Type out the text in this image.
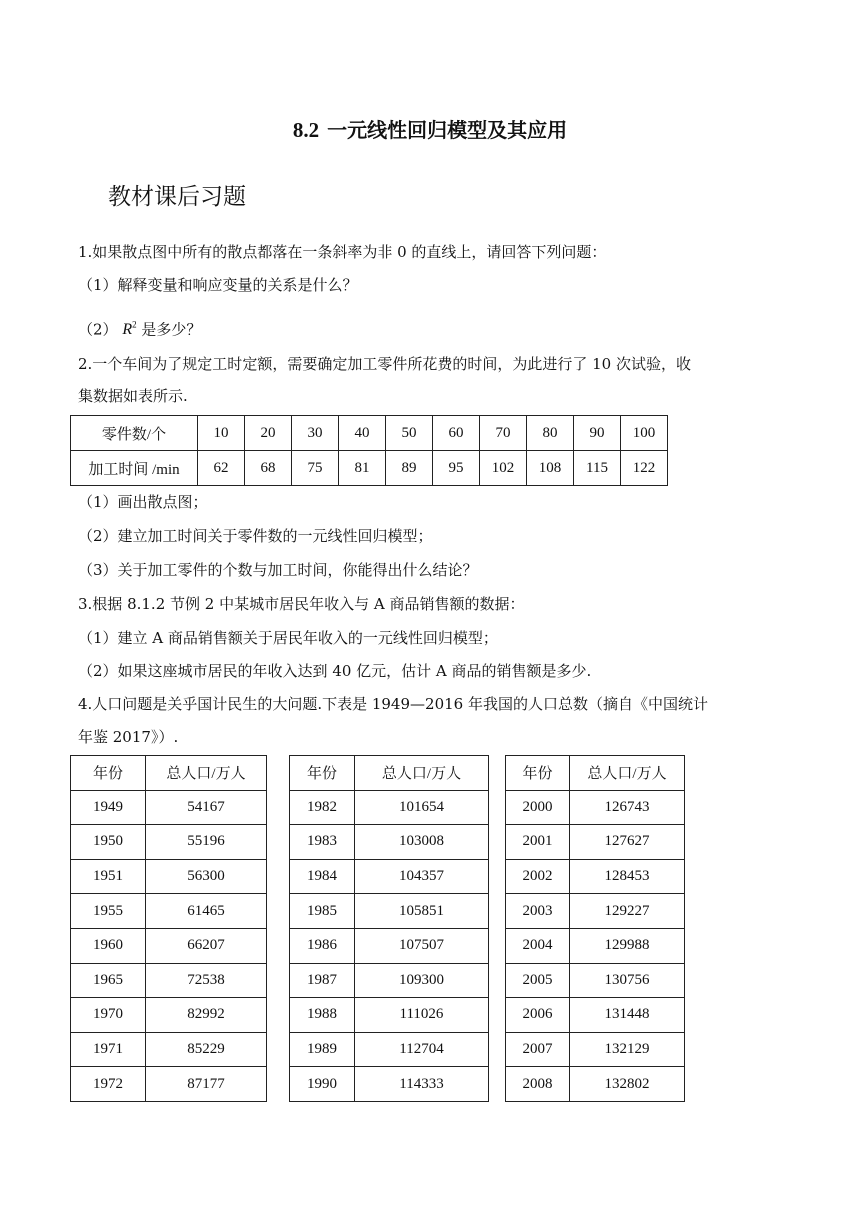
8.2 一元线性回归模型及其应用
教材课后习题
1.如果散点图中所有的散点都落在一条斜率为非 0 的直线上，请回答下列问题：
（1）解释变量和响应变量的关系是什么？
（2） $R^2$ 是多少？
2.一个车间为了规定工时定额，需要确定加工零件所花费的时间，为此进行了 10 次试验，收
集数据如表所示.
零件数/个	10	20	30	40	50	60	70	80	90	100
加工时间 /min	62	68	75	81	89	95	102	108	115	122
（1）画出散点图；
（2）建立加工时间关于零件数的一元线性回归模型；
（3）关于加工零件的个数与加工时间，你能得出什么结论？
3.根据 8.1.2 节例 2 中某城市居民年收入与 A 商品销售额的数据：
（1）建立 A 商品销售额关于居民年收入的一元线性回归模型；
（2）如果这座城市居民的年收入达到 40 亿元，估计 A 商品的销售额是多少.
4.人口问题是关乎国计民生的大问题.下表是 1949—2016 年我国的人口总数（摘自《中国统计
年鉴 2017》）.
年份	总人口/万人		年份	总人口/万人		年份	总人口/万人
1949	54167		1982	101654		2000	126743
1950	55196		1983	103008		2001	127627
1951	56300		1984	104357		2002	128453
1955	61465		1985	105851		2003	129227
1960	66207		1986	107507		2004	129988
1965	72538		1987	109300		2005	130756
1970	82992		1988	111026		2006	131448
1971	85229		1989	112704		2007	132129
1972	87177		1990	114333		2008	132802
